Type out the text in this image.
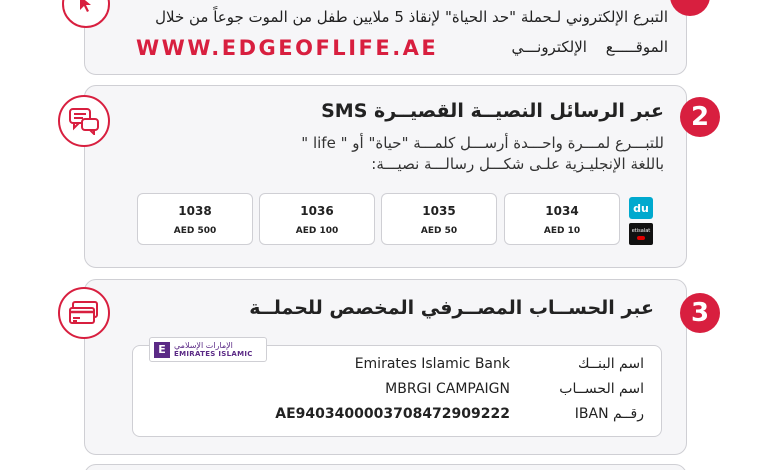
التبرع الإلكتروني لـحملة "حد الحياة" لإنقاذ 5 ملايين طفل من الموت جوعاً من خلال
WWW.EDGEOFLIFE.AE	الموقـــــع الإلكترونـــي
2
عبر الرسائل النصيــة القصيــرة SMS
للتبـــرع لمـــرة واحـــدة أرســـل كلمـــة "حياة" أو " life " باللغة الإنجليـزية علـى شكـــل رسالـــة نصيـــة:
1038
AED 500
1036
AED 100
1035
AED 50
1034
AED 10
du
etisalat
3
عبر الحســاب المصــرفي المخصص للحملــة
E	الإمارات الإسلامي
EMIRATES ISLAMIC
اسم البنــك
Emirates Islamic Bank
اسم الحســاب
MBRGI CAMPAIGN
رقــم IBAN
AE9403400003708472909222
